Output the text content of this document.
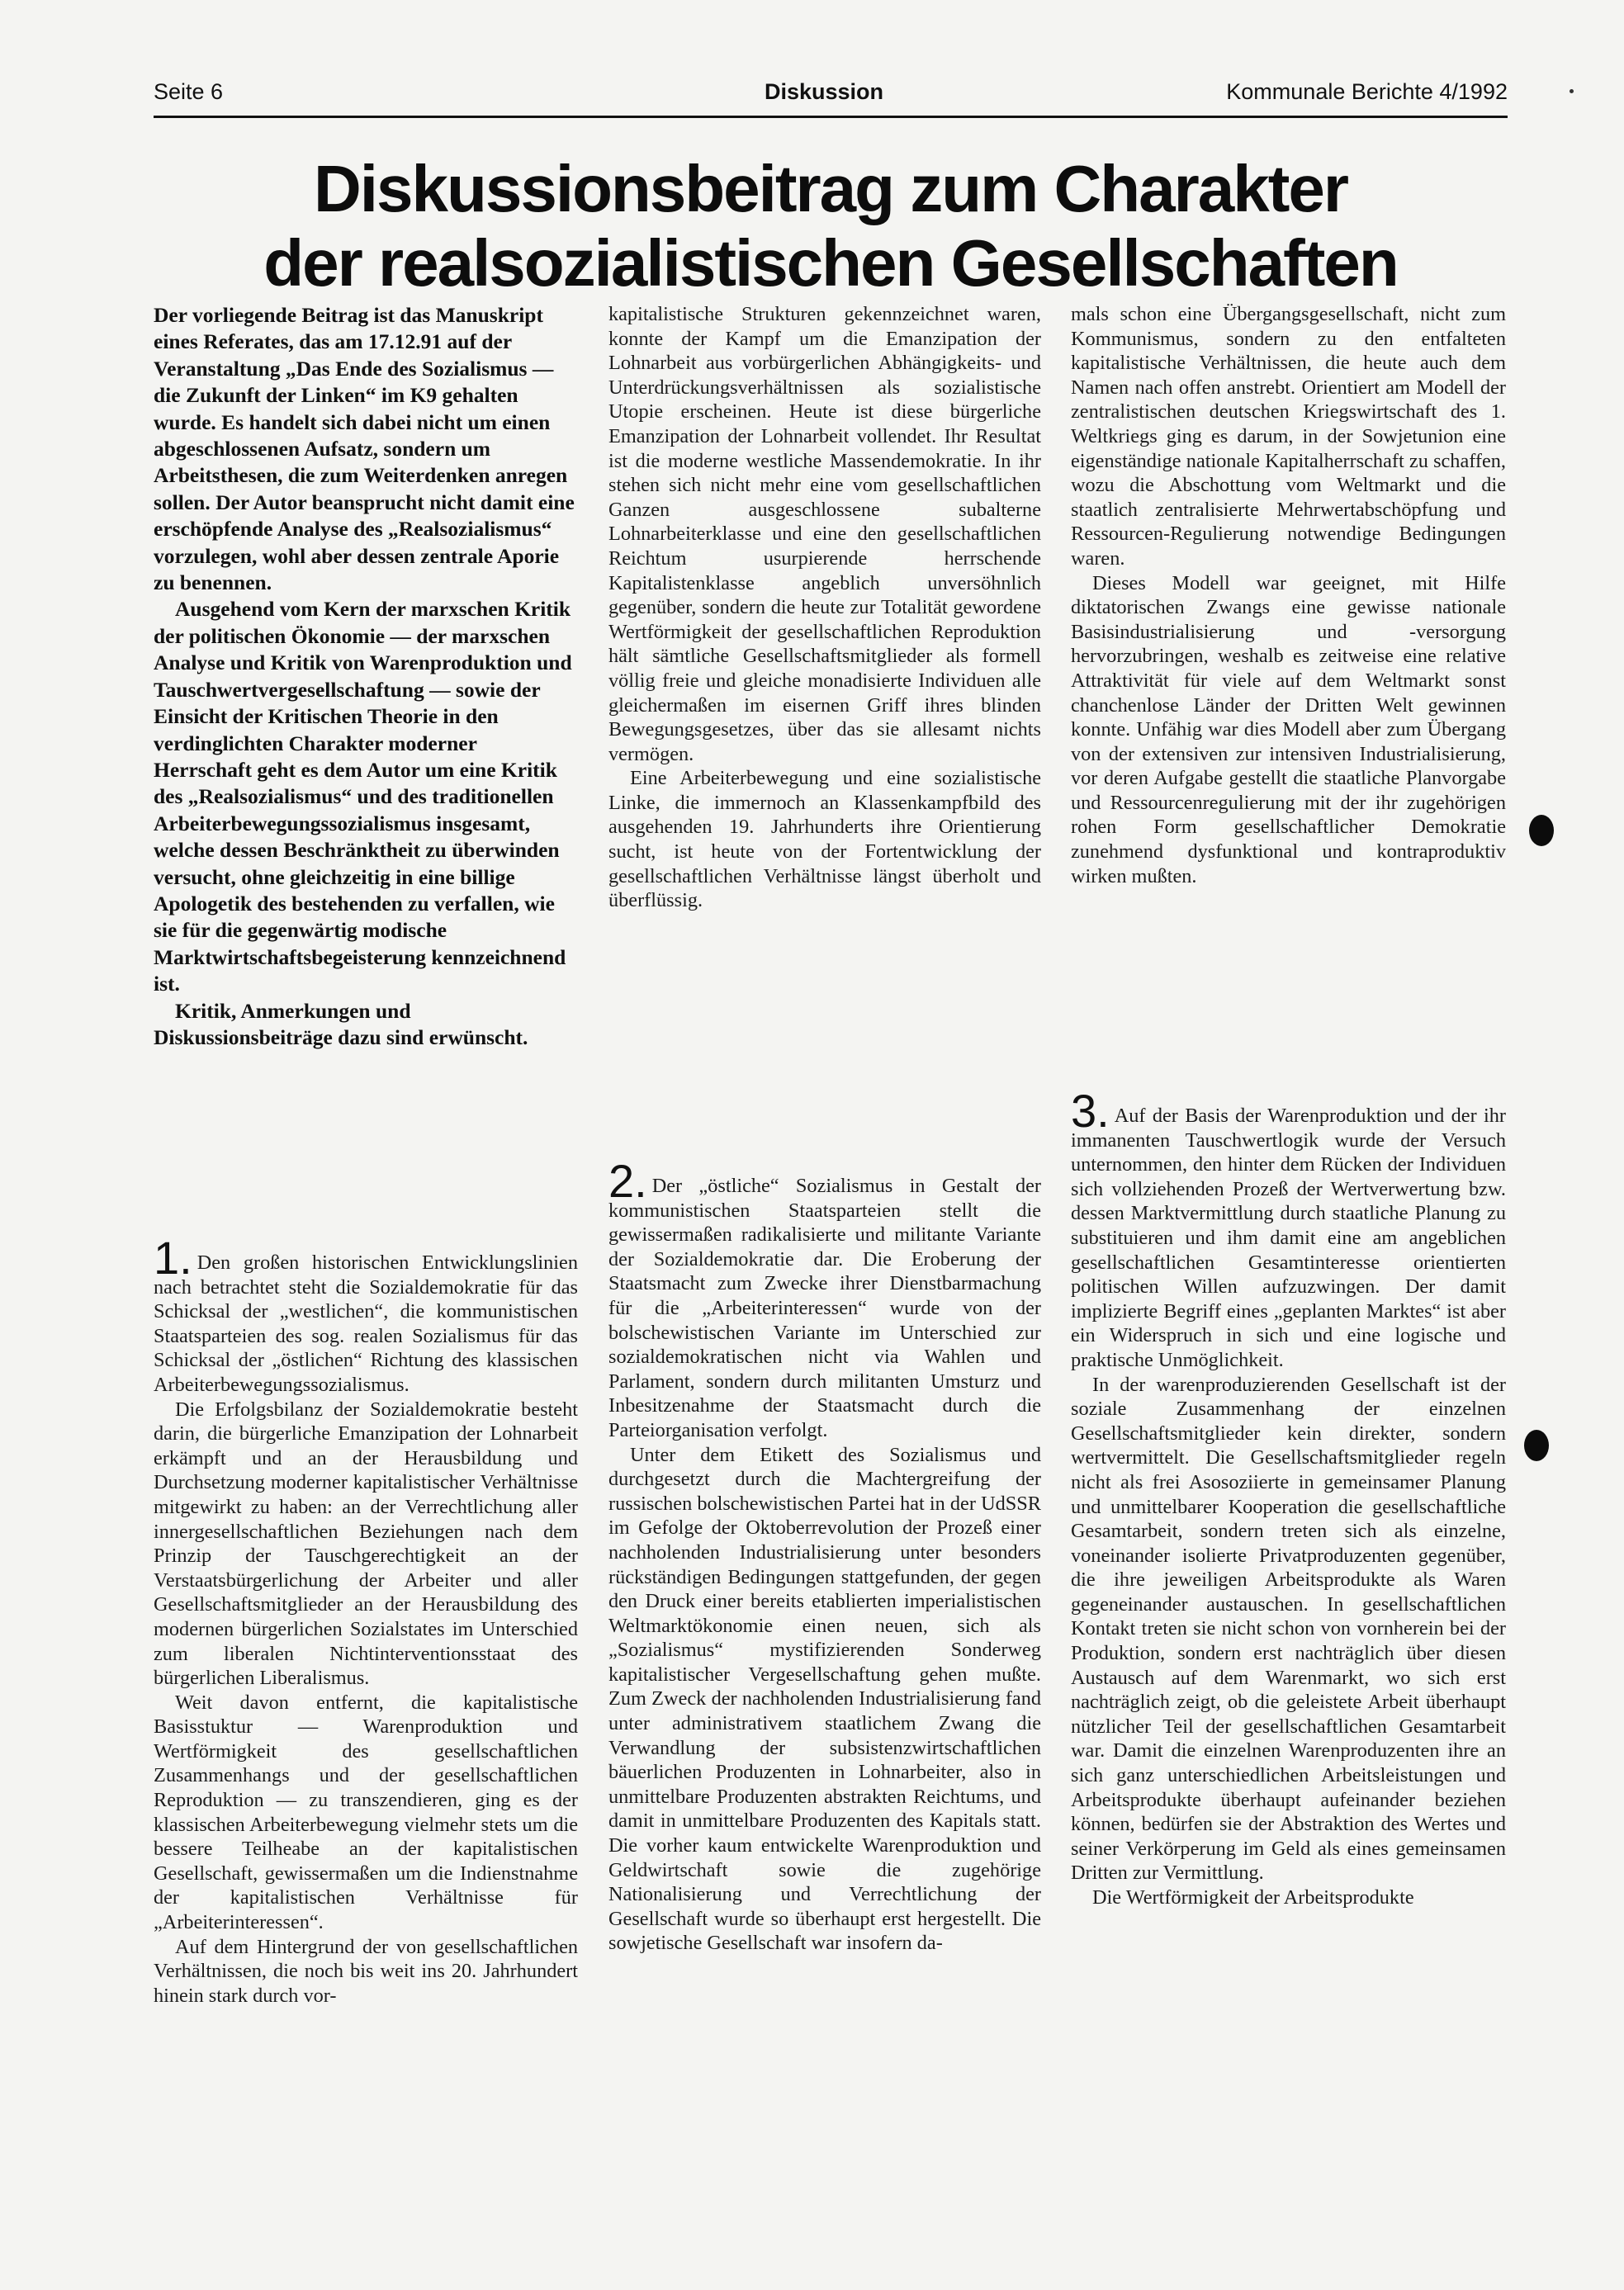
Seite 6	Diskussion	Kommunale Berichte 4/1992
Diskussionsbeitrag zum Charakter
der realsozialistischen Gesellschaften

Der vorliegende Beitrag ist das Manuskript eines Referates, das am 17.12.91 auf der Veranstaltung „Das Ende des Sozialismus — die Zukunft der Linken“ im K9 gehalten wurde. Es handelt sich dabei nicht um einen abgeschlossenen Aufsatz, sondern um Arbeitsthesen, die zum Weiterdenken anregen sollen. Der Autor beansprucht nicht damit eine erschöpfende Analyse des „Realsozialismus“ vorzulegen, wohl aber dessen zentrale Aporie zu benennen.

Ausgehend vom Kern der marxschen Kritik der politischen Ökonomie — der marxschen Analyse und Kritik von Warenproduktion und Tauschwertvergesellschaftung — sowie der Einsicht der Kritischen Theorie in den verdinglichten Charakter moderner Herrschaft geht es dem Autor um eine Kritik des „Realsozialismus“ und des traditionellen Arbeiterbewegungssozialismus insgesamt, welche dessen Beschränktheit zu überwinden versucht, ohne gleichzeitig in eine billige Apologetik des bestehenden zu verfallen, wie sie für die gegenwärtig modische Marktwirtschaftsbegeisterung kennzeichnend ist.

Kritik, Anmerkungen und Diskussionsbeiträge dazu sind erwünscht.

1. Den großen historischen Entwicklungslinien nach betrachtet steht die Sozialdemokratie für das Schicksal der „westlichen“, die kommunistischen Staatsparteien des sog. realen Sozialismus für das Schicksal der „östlichen“ Richtung des klassischen Arbeiterbewegungssozialismus.

Die Erfolgsbilanz der Sozialdemokratie besteht darin, die bürgerliche Emanzipation der Lohnarbeit erkämpft und an der Herausbildung und Durchsetzung moderner kapitalistischer Verhältnisse mitgewirkt zu haben: an der Verrechtlichung aller innergesellschaftlichen Beziehungen nach dem Prinzip der Tauschgerechtigkeit an der Verstaatsbürgerlichung der Arbeiter und aller Gesellschaftsmitglieder an der Herausbildung des modernen bürgerlichen Sozialstates im Unterschied zum liberalen Nichtinterventionsstaat des bürgerlichen Liberalismus.

Weit davon entfernt, die kapitalistische Basisstuktur — Warenproduktion und Wertförmigkeit des gesellschaftlichen Zusammenhangs und der gesellschaftlichen Reproduktion — zu transzendieren, ging es der klassischen Arbeiterbewegung vielmehr stets um die bessere Teilheabe an der kapitalistischen Gesellschaft, gewissermaßen um die Indienstnahme der kapitalistischen Verhältnisse für „Arbeiterinteressen“.

Auf dem Hintergrund der von gesellschaftlichen Verhältnissen, die noch bis weit ins 20. Jahrhundert hinein stark durch vor-

kapitalistische Strukturen gekennzeichnet waren, konnte der Kampf um die Emanzipation der Lohnarbeit aus vorbürgerlichen Abhängigkeits- und Unterdrückungsverhältnissen als sozialistische Utopie erscheinen. Heute ist diese bürgerliche Emanzipation der Lohnarbeit vollendet. Ihr Resultat ist die moderne westliche Massendemokratie. In ihr stehen sich nicht mehr eine vom gesellschaftlichen Ganzen ausgeschlossene subalterne Lohnarbeiterklasse und eine den gesellschaftlichen Reichtum usurpierende herrschende Kapitalistenklasse angeblich unversöhnlich gegenüber, sondern die heute zur Totalität gewordene Wertförmigkeit der gesellschaftlichen Reproduktion hält sämtliche Gesellschaftsmitglieder als formell völlig freie und gleiche monadisierte Individuen alle gleichermaßen im eisernen Griff ihres blinden Bewegungsgesetzes, über das sie allesamt nichts vermögen.

Eine Arbeiterbewegung und eine sozialistische Linke, die immernoch an Klassenkampfbild des ausgehenden 19. Jahrhunderts ihre Orientierung sucht, ist heute von der Fortentwicklung der gesellschaftlichen Verhältnisse längst überholt und überflüssig.

2. Der „östliche“ Sozialismus in Gestalt der kommunistischen Staatsparteien stellt die gewissermaßen radikalisierte und militante Variante der Sozialdemokratie dar. Die Eroberung der Staatsmacht zum Zwecke ihrer Dienstbarmachung für die „Arbeiterinteressen“ wurde von der bolschewistischen Variante im Unterschied zur sozialdemokratischen nicht via Wahlen und Parlament, sondern durch militanten Umsturz und Inbesitzenahme der Staatsmacht durch die Parteiorganisation verfolgt.

Unter dem Etikett des Sozialismus und durchgesetzt durch die Machtergreifung der russischen bolschewistischen Partei hat in der UdSSR im Gefolge der Oktoberrevolution der Prozeß einer nachholenden Industrialisierung unter besonders rückständigen Bedingungen stattgefunden, der gegen den Druck einer bereits etablierten imperialistischen Weltmarktökonomie einen neuen, sich als „Sozialismus“ mystifizierenden Sonderweg kapitalistischer Vergesellschaftung gehen mußte. Zum Zweck der nachholenden Industrialisierung fand unter administrativem staatlichem Zwang die Verwandlung der subsistenzwirtschaftlichen bäuerlichen Produzenten in Lohnarbeiter, also in unmittelbare Produzenten abstrakten Reichtums, und damit in unmittelbare Produzenten des Kapitals statt. Die vorher kaum entwickelte Warenproduktion und Geldwirtschaft sowie die zugehörige Nationalisierung und Verrechtlichung der Gesellschaft wurde so überhaupt erst hergestellt. Die sowjetische Gesellschaft war insofern da-

mals schon eine Übergangsgesellschaft, nicht zum Kommunismus, sondern zu den entfalteten kapitalistische Verhältnissen, die heute auch dem Namen nach offen anstrebt. Orientiert am Modell der zentralistischen deutschen Kriegswirtschaft des 1. Weltkriegs ging es darum, in der Sowjetunion eine eigenständige nationale Kapitalherrschaft zu schaffen, wozu die Abschottung vom Weltmarkt und die staatlich zentralisierte Mehrwertabschöpfung und Ressourcen-Regulierung notwendige Bedingungen waren.

Dieses Modell war geeignet, mit Hilfe diktatorischen Zwangs eine gewisse nationale Basisindustrialisierung und -versorgung hervorzubringen, weshalb es zeitweise eine relative Attraktivität für viele auf dem Weltmarkt sonst chanchenlose Länder der Dritten Welt gewinnen konnte. Unfähig war dies Modell aber zum Übergang von der extensiven zur intensiven Industrialisierung, vor deren Aufgabe gestellt die staatliche Planvorgabe und Ressourcenregulierung mit der ihr zugehörigen rohen Form gesellschaftlicher Demokratie zunehmend dysfunktional und kontraproduktiv wirken mußten.

3. Auf der Basis der Warenproduktion und der ihr immanenten Tauschwertlogik wurde der Versuch unternommen, den hinter dem Rücken der Individuen sich vollziehenden Prozeß der Wertverwertung bzw. dessen Marktvermittlung durch staatliche Planung zu substituieren und ihm damit eine am angeblichen gesellschaftlichen Gesamtinteresse orientierten politischen Willen aufzuzwingen. Der damit implizierte Begriff eines „geplanten Marktes“ ist aber ein Widerspruch in sich und eine logische und praktische Unmöglichkeit.

In der warenproduzierenden Gesellschaft ist der soziale Zusammenhang der einzelnen Gesellschaftsmitglieder kein direkter, sondern wertvermittelt. Die Gesellschaftsmitglieder regeln nicht als frei Asosoziierte in gemeinsamer Planung und unmittelbarer Kooperation die gesellschaftliche Gesamtarbeit, sondern treten sich als einzelne, voneinander isolierte Privatproduzenten gegenüber, die ihre jeweiligen Arbeitsprodukte als Waren gegeneinander austauschen. In gesellschaftlichen Kontakt treten sie nicht schon von vornherein bei der Produktion, sondern erst nachträglich über diesen Austausch auf dem Warenmarkt, wo sich erst nachträglich zeigt, ob die geleistete Arbeit überhaupt nützlicher Teil der gesellschaftlichen Gesamtarbeit war. Damit die einzelnen Warenproduzenten ihre an sich ganz unterschiedlichen Arbeitsleistungen und Arbeitsprodukte überhaupt aufeinander beziehen können, bedürfen sie der Abstraktion des Wertes und seiner Verkörperung im Geld als eines gemeinsamen Dritten zur Vermittlung.

Die Wertförmigkeit der Arbeitsprodukte
